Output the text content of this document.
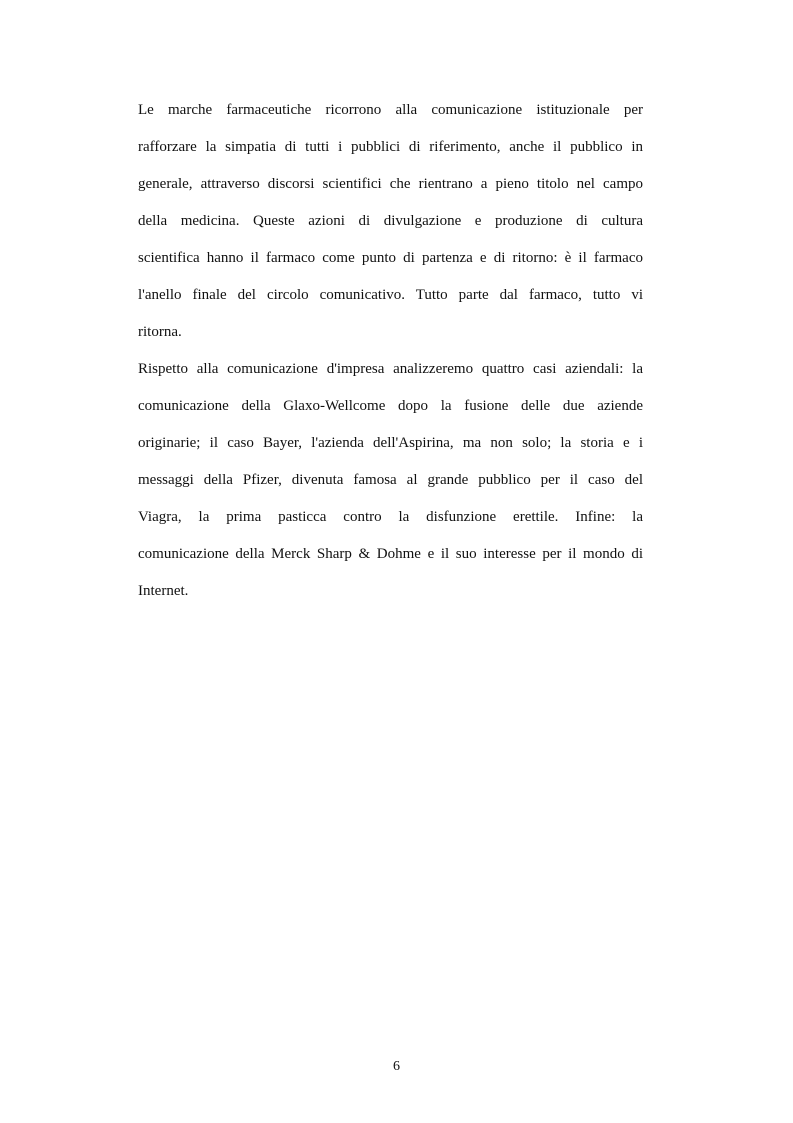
Le marche farmaceutiche ricorrono alla comunicazione istituzionale per
rafforzare la simpatia di tutti i pubblici di riferimento, anche il pubblico in
generale, attraverso discorsi scientifici che rientrano a pieno titolo nel campo
della medicina. Queste azioni di divulgazione e produzione di cultura
scientifica hanno il farmaco come punto di partenza e di ritorno: è il farmaco
l'anello finale del circolo comunicativo. Tutto parte dal farmaco, tutto vi
ritorna.
Rispetto alla comunicazione d'impresa analizzeremo quattro casi aziendali: la
comunicazione della Glaxo-Wellcome dopo la fusione delle due aziende
originarie; il caso Bayer, l'azienda dell'Aspirina, ma non solo; la storia e i
messaggi della Pfizer, divenuta famosa al grande pubblico per il caso del
Viagra, la prima pasticca contro la disfunzione erettile. Infine: la
comunicazione della Merck Sharp & Dohme e il suo interesse per il mondo di
Internet.
6
